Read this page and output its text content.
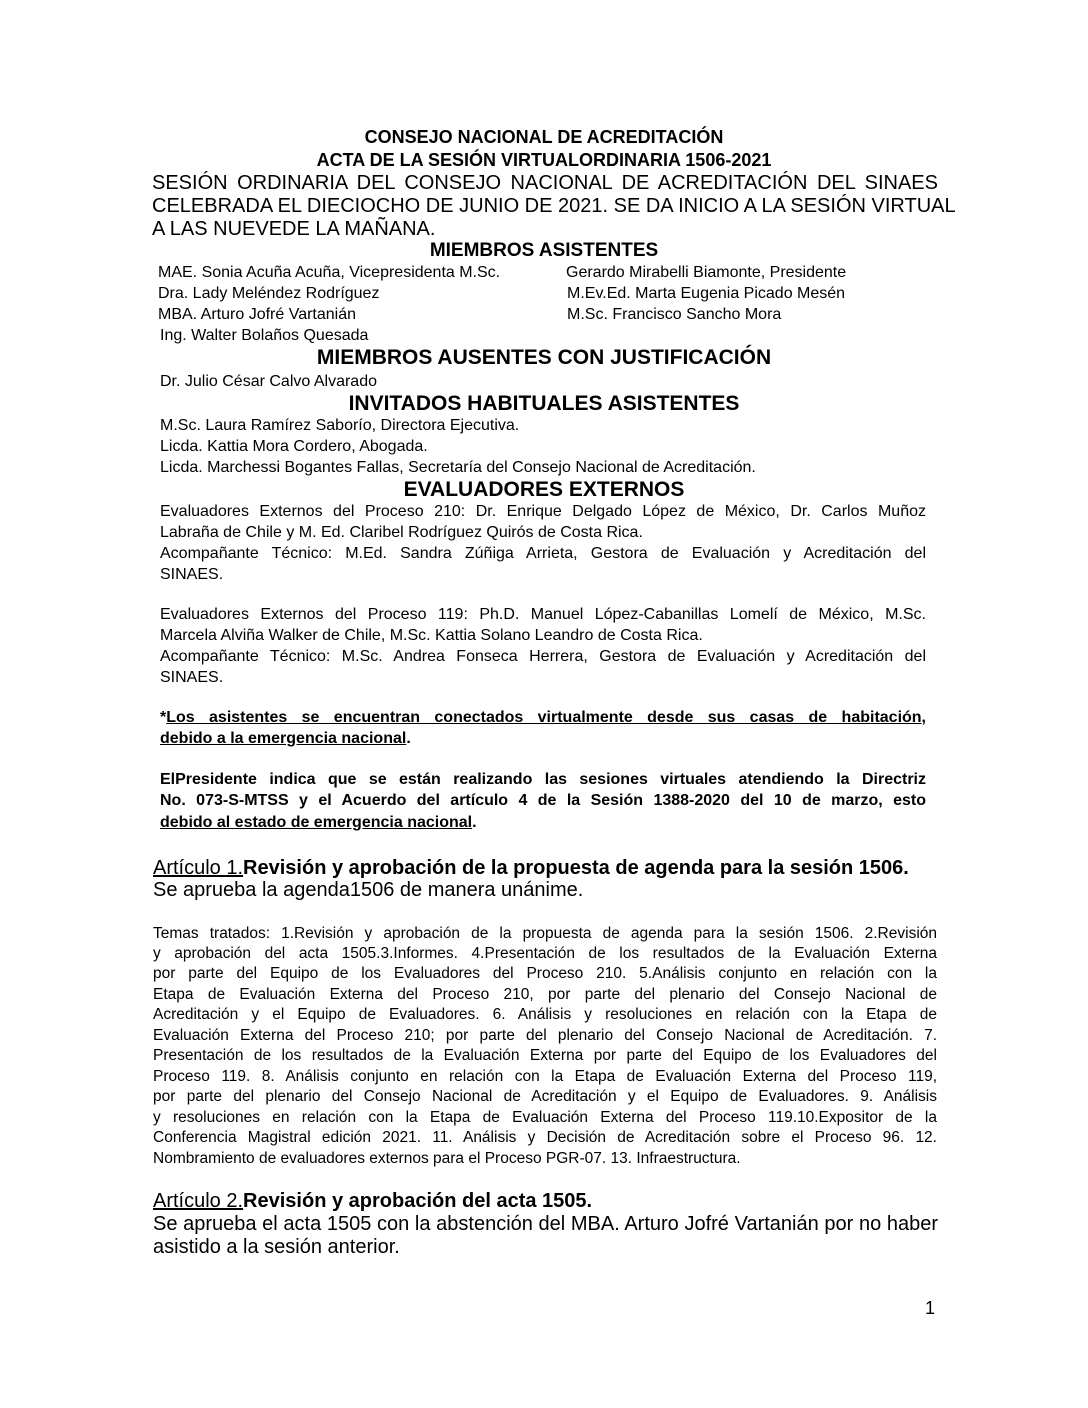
CONSEJO NACIONAL DE ACREDITACIÓN
ACTA DE LA SESIÓN VIRTUALORDINARIA 1506-2021
SESIÓN ORDINARIA DEL CONSEJO NACIONAL DE ACREDITACIÓN DEL SINAES
CELEBRADA EL DIECIOCHO DE JUNIO DE 2021. SE DA INICIO A LA SESIÓN VIRTUAL
A LAS NUEVEDE LA MAÑANA.
MIEMBROS ASISTENTES
MAE. Sonia Acuña Acuña, Vicepresidenta M.Sc.	Gerardo Mirabelli Biamonte, Presidente
Dra. Lady Meléndez Rodríguez	M.Ev.Ed. Marta Eugenia Picado Mesén
MBA. Arturo Jofré Vartanián	M.Sc. Francisco Sancho Mora
Ing. Walter Bolaños Quesada
MIEMBROS AUSENTES CON JUSTIFICACIÓN
Dr. Julio César Calvo Alvarado
INVITADOS HABITUALES ASISTENTES
M.Sc. Laura Ramírez Saborío, Directora Ejecutiva.
Licda. Kattia Mora Cordero, Abogada.
Licda. Marchessi Bogantes Fallas, Secretaría del Consejo Nacional de Acreditación.
EVALUADORES EXTERNOS
Evaluadores Externos del Proceso 210: Dr. Enrique Delgado López de México, Dr. Carlos Muñoz
Labraña de Chile y M. Ed. Claribel Rodríguez Quirós de Costa Rica.
Acompañante Técnico: M.Ed. Sandra Zúñiga Arrieta, Gestora de Evaluación y Acreditación del
SINAES.
Evaluadores Externos del Proceso 119: Ph.D. Manuel López-Cabanillas Lomelí de México, M.Sc.
Marcela Alviña Walker de Chile, M.Sc. Kattia Solano Leandro de Costa Rica.
Acompañante Técnico: M.Sc. Andrea Fonseca Herrera, Gestora de Evaluación y Acreditación del
SINAES.
* Los asistentes se encuentran conectados virtualmente desde sus casas de habitación,
debido a la emergencia nacional.
ElPresidente indica que se están realizando las sesiones virtuales atendiendo la Directriz
No. 073-S-MTSS y el Acuerdo del artículo 4 de la Sesión 1388-2020 del 10 de marzo, esto
debido al estado de emergencia nacional.
Artículo 1.Revisión y aprobación de la propuesta de agenda para la sesión 1506.
Se aprueba la agenda1506 de manera unánime.
Temas tratados: 1.Revisión y aprobación de la propuesta de agenda para la sesión 1506. 2.Revisión
y aprobación del acta 1505.3.Informes. 4.Presentación de los resultados de la Evaluación Externa
por parte del Equipo de los Evaluadores del Proceso 210. 5.Análisis conjunto en relación con la
Etapa de Evaluación Externa del Proceso 210, por parte del plenario del Consejo Nacional de
Acreditación y el Equipo de Evaluadores. 6. Análisis y resoluciones en relación con la Etapa de
Evaluación Externa del Proceso 210; por parte del plenario del Consejo Nacional de Acreditación. 7.
Presentación de los resultados de la Evaluación Externa por parte del Equipo de los Evaluadores del
Proceso 119. 8. Análisis conjunto en relación con la Etapa de Evaluación Externa del Proceso 119,
por parte del plenario del Consejo Nacional de Acreditación y el Equipo de Evaluadores. 9. Análisis
y resoluciones en relación con la Etapa de Evaluación Externa del Proceso 119.10.Expositor de la
Conferencia Magistral edición 2021. 11. Análisis y Decisión de Acreditación sobre el Proceso 96. 12.
Nombramiento de evaluadores externos para el Proceso PGR-07. 13. Infraestructura.
Artículo 2.Revisión y aprobación del acta 1505.
Se aprueba el acta 1505 con la abstención del MBA. Arturo Jofré Vartanián por no haber
asistido a la sesión anterior.
1
